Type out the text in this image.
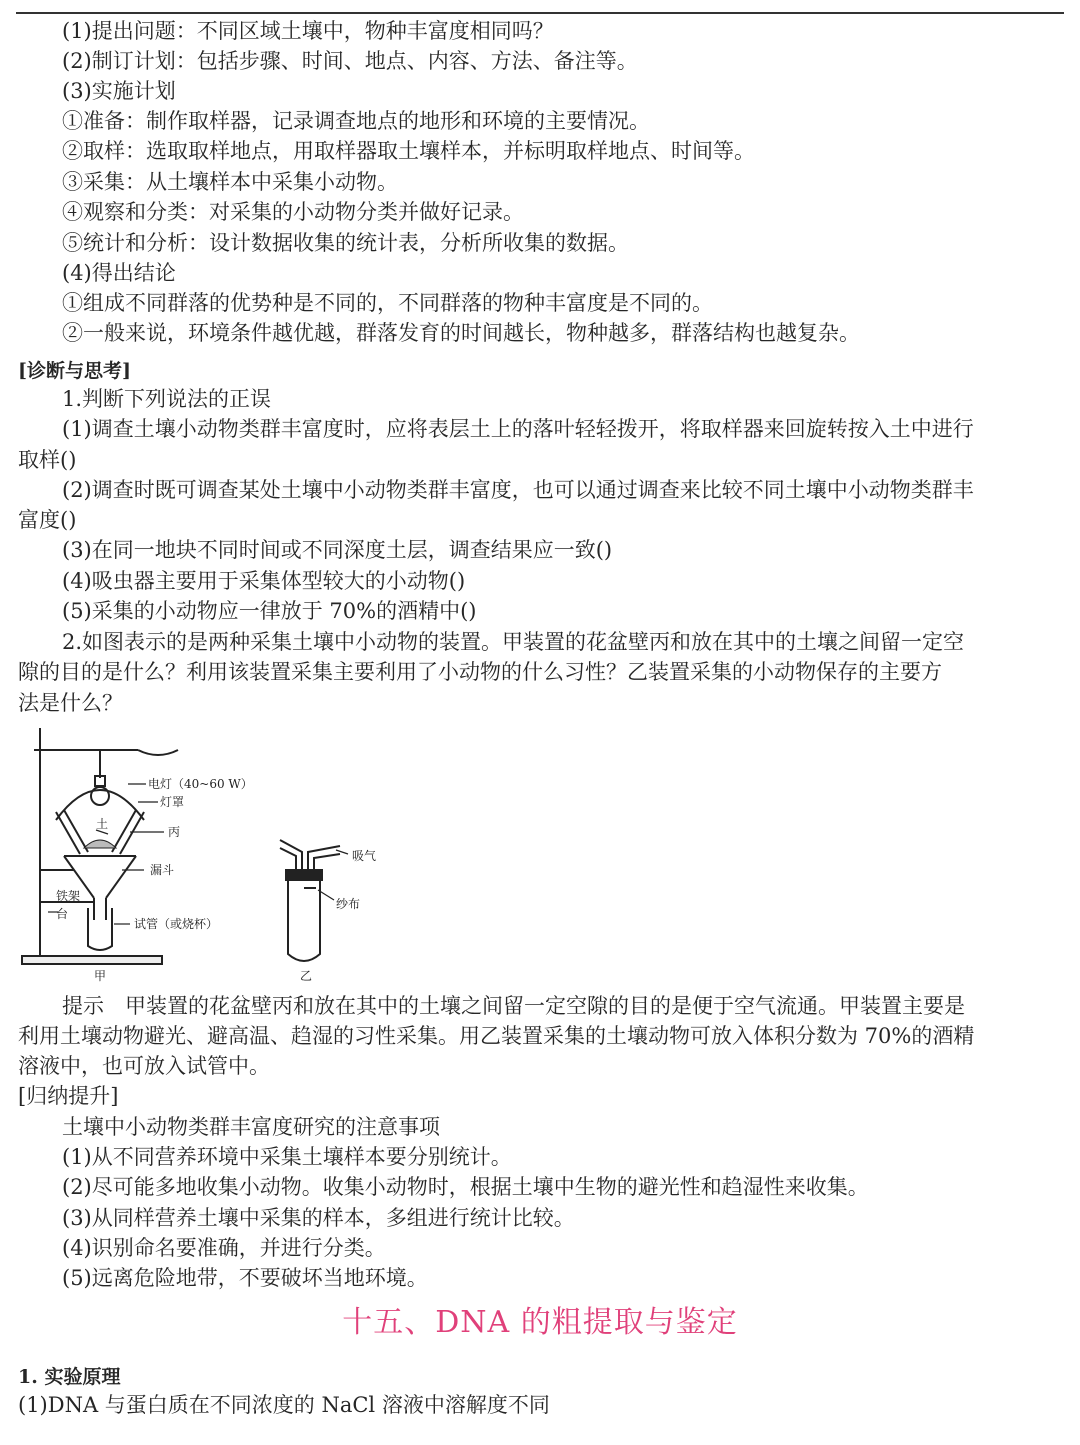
(1)提出问题：不同区域土壤中，物种丰富度相同吗？
(2)制订计划：包括步骤、时间、地点、内容、方法、备注等。
(3)实施计划
①准备：制作取样器，记录调查地点的地形和环境的主要情况。
②取样：选取取样地点，用取样器取土壤样本，并标明取样地点、时间等。
③采集：从土壤样本中采集小动物。
④观察和分类：对采集的小动物分类并做好记录。
⑤统计和分析：设计数据收集的统计表，分析所收集的数据。
(4)得出结论
①组成不同群落的优势种是不同的，不同群落的物种丰富度是不同的。
②一般来说，环境条件越优越，群落发育的时间越长，物种越多，群落结构也越复杂。
[诊断与思考]
1.判断下列说法的正误
(1)调查土壤小动物类群丰富度时，应将表层土上的落叶轻轻拨开，将取样器来回旋转按入土中进行
取样()
(2)调查时既可调查某处土壤中小动物类群丰富度，也可以通过调查来比较不同土壤中小动物类群丰
富度()
(3)在同一地块不同时间或不同深度土层，调查结果应一致()
(4)吸虫器主要用于采集体型较大的小动物()
(5)采集的小动物应一律放于 70%的酒精中()
2.如图表示的是两种采集土壤中小动物的装置。甲装置的花盆壁丙和放在其中的土壤之间留一定空
隙的目的是什么？利用该装置采集主要利用了小动物的什么习性？乙装置采集的小动物保存的主要方
法是什么？
电灯（40~60 W）
灯罩
土
丙
漏斗
铁架
台
试管（或烧杯）
甲
吸气
纱布
乙
提示　甲装置的花盆壁丙和放在其中的土壤之间留一定空隙的目的是便于空气流通。甲装置主要是
利用土壤动物避光、避高温、趋湿的习性采集。用乙装置采集的土壤动物可放入体积分数为 70%的酒精
溶液中，也可放入试管中。
[归纳提升]
土壤中小动物类群丰富度研究的注意事项
(1)从不同营养环境中采集土壤样本要分别统计。
(2)尽可能多地收集小动物。收集小动物时，根据土壤中生物的避光性和趋湿性来收集。
(3)从同样营养土壤中采集的样本，多组进行统计比较。
(4)识别命名要准确，并进行分类。
(5)远离危险地带，不要破坏当地环境。
十五、DNA 的粗提取与鉴定
1. 实验原理
(1)DNA 与蛋白质在不同浓度的 NaCl 溶液中溶解度不同
